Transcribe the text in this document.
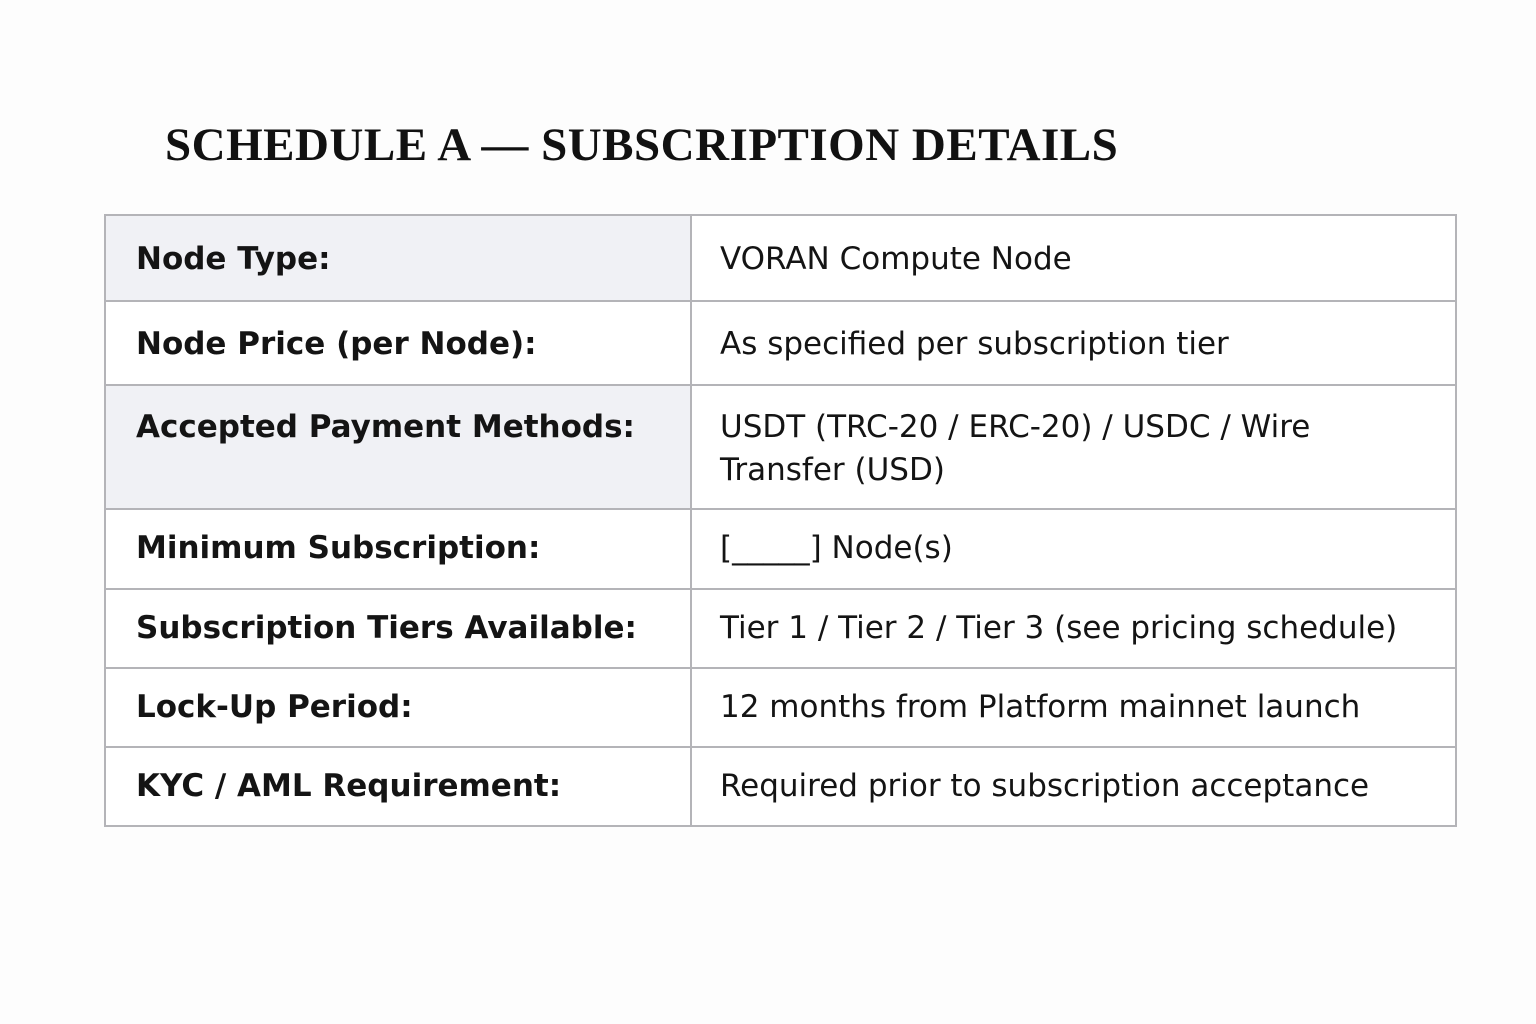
SCHEDULE A — SUBSCRIPTION DETAILS
Node Type:	VORAN Compute Node
Node Price (per Node):	As specified per subscription tier
Accepted Payment Methods:	USDT (TRC-20 / ERC-20) / USDC / Wire Transfer (USD)
Minimum Subscription:	[_____] Node(s)
Subscription Tiers Available:	Tier 1 / Tier 2 / Tier 3 (see pricing schedule)
Lock-Up Period:	12 months from Platform mainnet launch
KYC / AML Requirement:	Required prior to subscription acceptance
